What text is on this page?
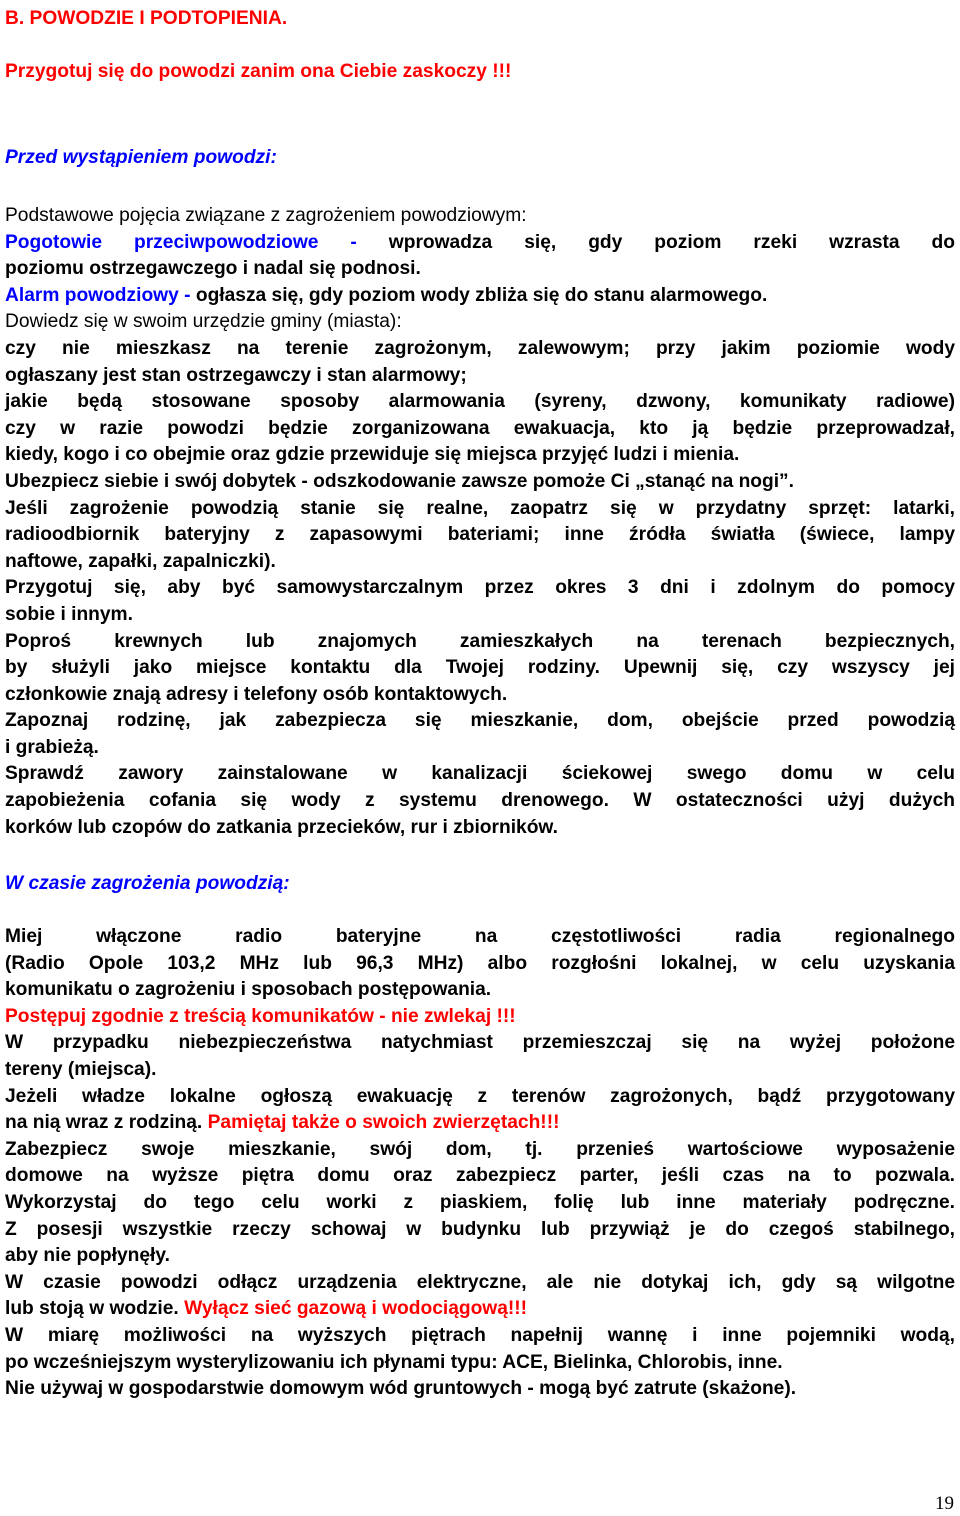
B. POWODZIE I PODTOPIENIA.
Przygotuj się do powodzi zanim ona Ciebie zaskoczy !!!
Przed wystąpieniem powodzi:
Podstawowe pojęcia związane z zagrożeniem powodziowym:
Pogotowie przeciwpowodziowe - wprowadza się, gdy poziom rzeki wzrasta do
poziomu ostrzegawczego i nadal się podnosi.
Alarm powodziowy - ogłasza się, gdy poziom wody zbliża się do stanu alarmowego.
Dowiedz się w swoim urzędzie gminy (miasta):
czy nie mieszkasz na terenie zagrożonym, zalewowym; przy jakim poziomie wody
ogłaszany jest stan ostrzegawczy i stan alarmowy;
jakie będą stosowane sposoby alarmowania (syreny, dzwony, komunikaty radiowe)
czy w razie powodzi będzie zorganizowana ewakuacja, kto ją będzie przeprowadzał,
kiedy, kogo i co obejmie oraz gdzie przewiduje się miejsca przyjęć ludzi i mienia.
Ubezpiecz siebie i swój dobytek - odszkodowanie zawsze pomoże Ci „stanąć na nogi”.
Jeśli zagrożenie powodzią stanie się realne, zaopatrz się w przydatny sprzęt: latarki,
radioodbiornik bateryjny z zapasowymi bateriami; inne źródła światła (świece, lampy
naftowe, zapałki, zapalniczki).
Przygotuj się, aby być samowystarczalnym przez okres 3 dni i zdolnym do pomocy
sobie i innym.
Poproś krewnych lub znajomych zamieszkałych na terenach bezpiecznych,
by służyli jako miejsce kontaktu dla Twojej rodziny. Upewnij się, czy wszyscy jej
członkowie znają adresy i telefony osób kontaktowych.
Zapoznaj rodzinę, jak zabezpiecza się mieszkanie, dom, obejście przed powodzią
i grabieżą.
Sprawdź zawory zainstalowane w kanalizacji ściekowej swego domu w celu
zapobieżenia cofania się wody z systemu drenowego. W ostateczności użyj dużych
korków lub czopów do zatkania przecieków, rur i zbiorników.
W czasie zagrożenia powodzią:
Miej włączone radio bateryjne na częstotliwości radia regionalnego
(Radio Opole 103,2 MHz lub 96,3 MHz) albo rozgłośni lokalnej, w celu uzyskania
komunikatu o zagrożeniu i sposobach postępowania.
Postępuj zgodnie z treścią komunikatów - nie zwlekaj !!!
W przypadku niebezpieczeństwa natychmiast przemieszczaj się na wyżej położone
tereny (miejsca).
Jeżeli władze lokalne ogłoszą ewakuację z terenów zagrożonych, bądź przygotowany
na nią wraz z rodziną. Pamiętaj także o swoich zwierzętach!!!
Zabezpiecz swoje mieszkanie, swój dom, tj. przenieś wartościowe wyposażenie
domowe na wyższe piętra domu oraz zabezpiecz parter, jeśli czas na to pozwala.
Wykorzystaj do tego celu worki z piaskiem, folię lub inne materiały podręczne.
Z posesji wszystkie rzeczy schowaj w budynku lub przywiąż je do czegoś stabilnego,
aby nie popłynęły.
W czasie powodzi odłącz urządzenia elektryczne, ale nie dotykaj ich, gdy są wilgotne
lub stoją w wodzie. Wyłącz sieć gazową i wodociągową!!!
W miarę możliwości na wyższych piętrach napełnij wannę i inne pojemniki wodą,
po wcześniejszym wysterylizowaniu ich płynami typu: ACE, Bielinka, Chlorobis, inne.
Nie używaj w gospodarstwie domowym wód gruntowych - mogą być zatrute (skażone).
19
